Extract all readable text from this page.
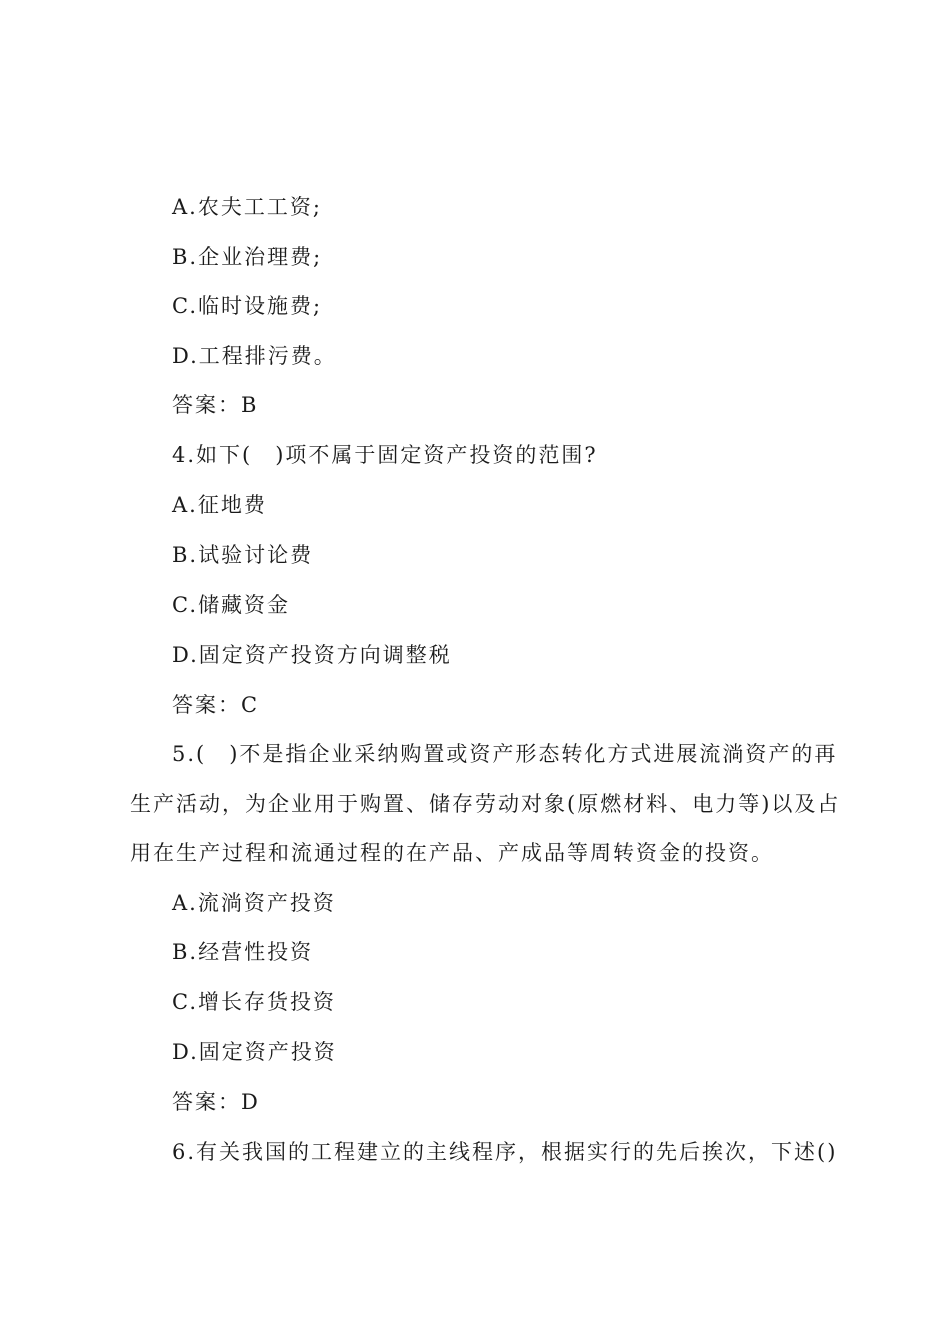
A.农夫工工资;
B.企业治理费;
C.临时设施费;
D.工程排污费。
答案：B
4.如下(　)项不属于固定资产投资的范围?
A.征地费
B.试验讨论费
C.储藏资金
D.固定资产投资方向调整税
答案：C
5.(　)不是指企业采纳购置或资产形态转化方式进展流淌资产的再
生产活动，为企业用于购置、储存劳动对象(原燃材料、电力等)以及占
用在生产过程和流通过程的在产品、产成品等周转资金的投资。
A.流淌资产投资
B.经营性投资
C.增长存货投资
D.固定资产投资
答案：D
6.有关我国的工程建立的主线程序，根据实行的先后挨次，下述()
